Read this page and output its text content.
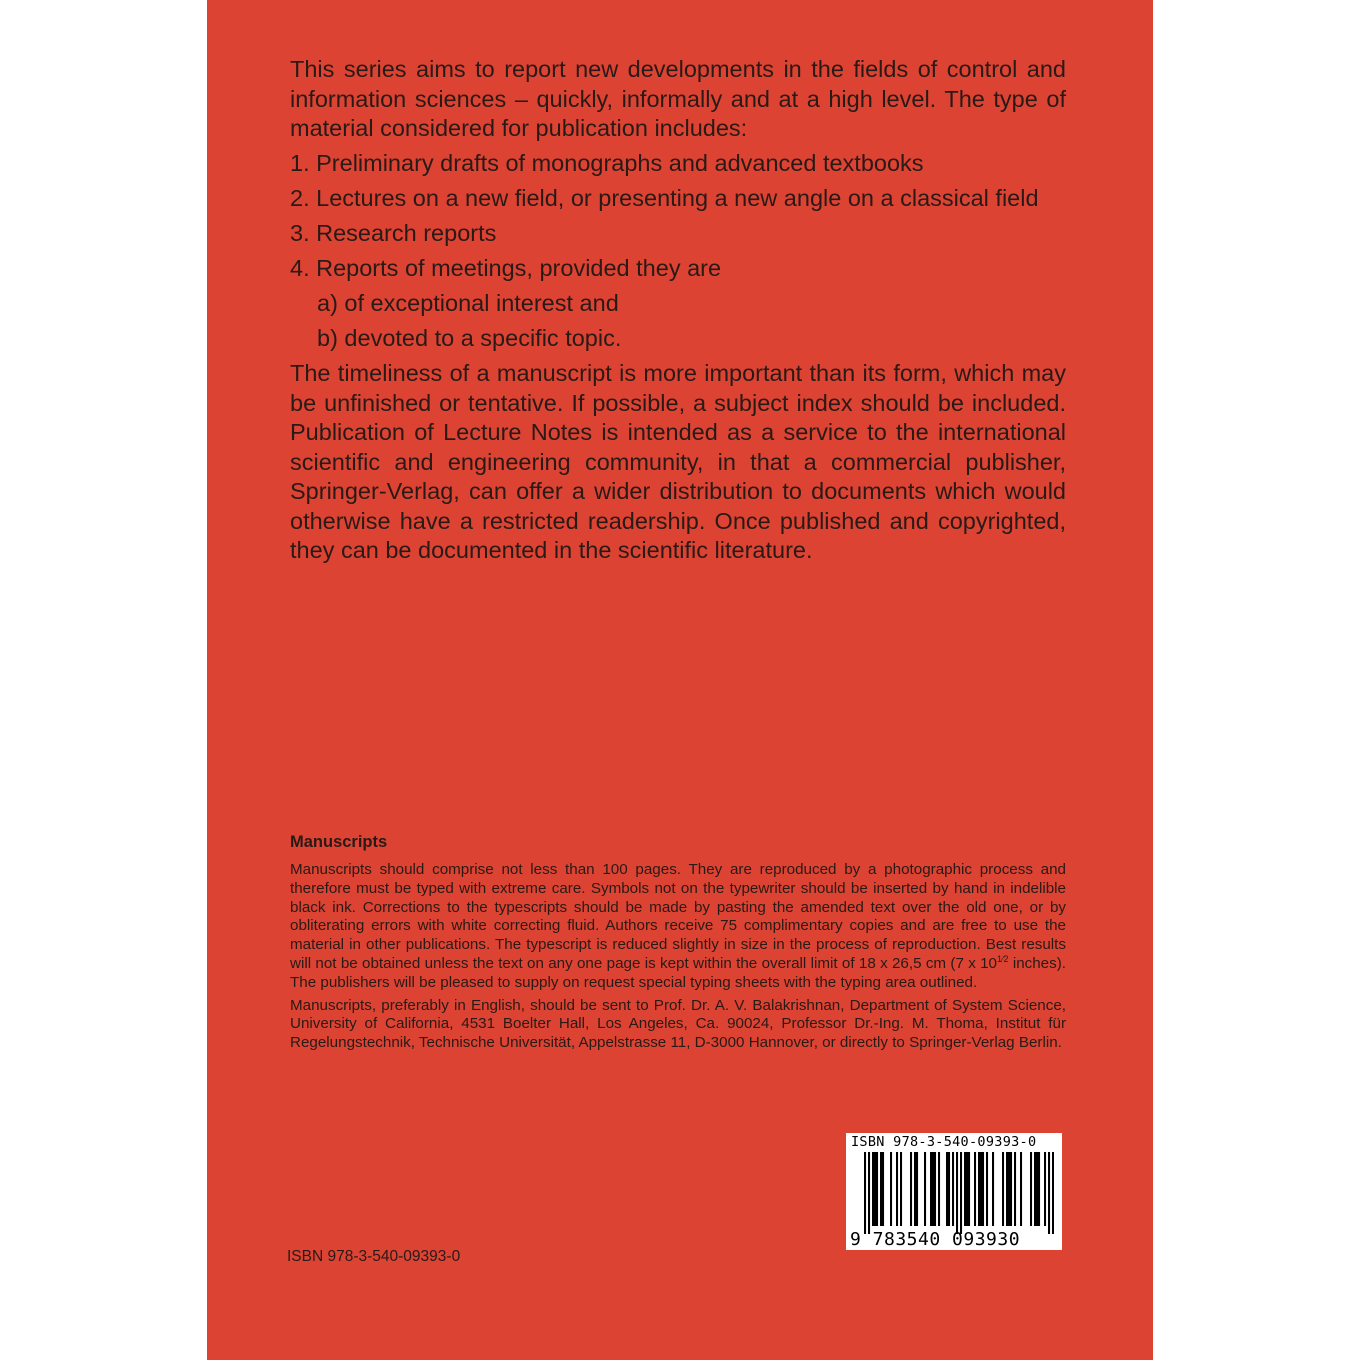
This series aims to report new developments in the fields of control and information sciences – quickly, informally and at a high level. The type of material considered for publication includes:

1. Preliminary drafts of monographs and advanced textbooks
2. Lectures on a new field, or presenting a new angle on a classical field
3. Research reports
4. Reports of meetings, provided they are
a) of exceptional interest and
b) devoted to a specific topic.

The timeliness of a manuscript is more important than its form, which may be unfinished or tentative. If possible, a subject index should be included. Publication of Lecture Notes is intended as a service to the international scientific and engineering community, in that a commercial publisher, Springer-Verlag, can offer a wider distribution to documents which would otherwise have a restricted readership. Once published and copyrighted, they can be documented in the scientific literature.

Manuscripts

Manuscripts should comprise not less than 100 pages. They are reproduced by a photographic process and therefore must be typed with extreme care. Symbols not on the typewriter should be inserted by hand in indelible black ink. Corrections to the typescripts should be made by pasting the amended text over the old one, or by obliterating errors with white correcting fluid. Authors receive 75 complimentary copies and are free to use the material in other publications. The typescript is reduced slightly in size in the process of reproduction. Best results will not be obtained unless the text on any one page is kept within the overall limit of 18 x 26,5 cm (7 x $10^{1⁄2}$ inches). The publishers will be pleased to supply on request special typing sheets with the typing area outlined.

Manuscripts, preferably in English, should be sent to Prof. Dr. A. V. Balakrishnan, Department of System Science, University of California, 4531 Boelter Hall, Los Angeles, Ca. 90024, Professor Dr.-Ing. M. Thoma, Institut für Regelungstechnik, Technische Universität, Appelstrasse 11, D-3000 Hannover, or directly to Springer-Verlag Berlin.

ISBN 978-3-540-09393-0
9 783540 093930
ISBN 978-3-540-09393-0
